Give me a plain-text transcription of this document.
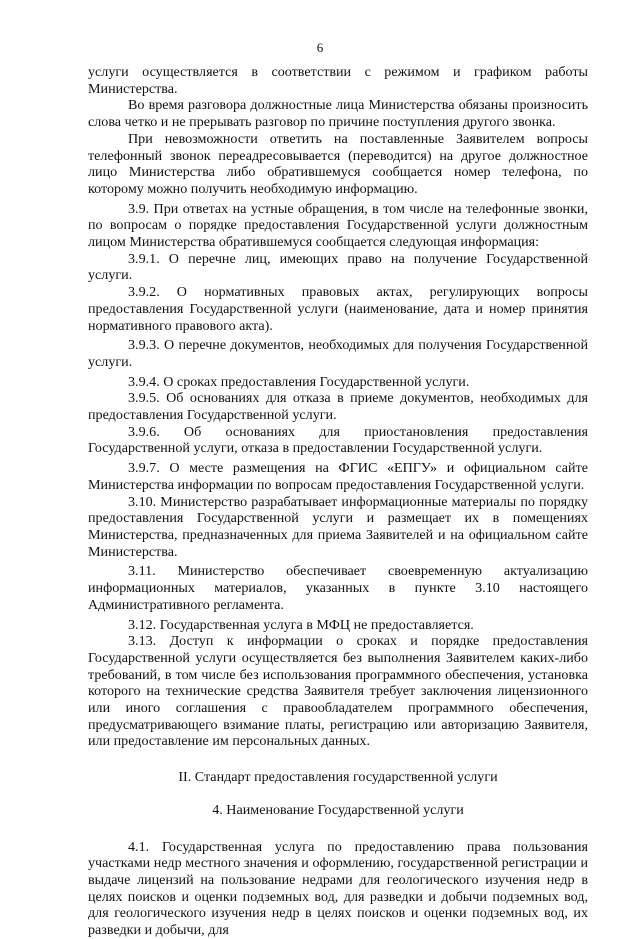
6

услуги осуществляется в соответствии с режимом и графиком работы Министерства.

Во время разговора должностные лица Министерства обязаны произносить слова четко и не прерывать разговор по причине поступления другого звонка.

При невозможности ответить на поставленные Заявителем вопросы телефонный звонок переадресовывается (переводится) на другое должностное лицо Министерства либо обратившемуся сообщается номер телефона, по которому можно получить необходимую информацию.

3.9. При ответах на устные обращения, в том числе на телефонные звонки, по вопросам о порядке предоставления Государственной услуги должностным лицом Министерства обратившемуся сообщается следующая информация:

3.9.1. О перечне лиц, имеющих право на получение Государственной услуги.

3.9.2. О нормативных правовых актах, регулирующих вопросы предоставления Государственной услуги (наименование, дата и номер принятия нормативного правового акта).

3.9.3. О перечне документов, необходимых для получения Государственной услуги.

3.9.4. О сроках предоставления Государственной услуги.

3.9.5. Об основаниях для отказа в приеме документов, необходимых для предоставления Государственной услуги.

3.9.6. Об основаниях для приостановления предоставления Государственной услуги, отказа в предоставлении Государственной услуги.

3.9.7. О месте размещения на ФГИС «ЕПГУ» и официальном сайте Министерства информации по вопросам предоставления Государственной услуги.

3.10. Министерство разрабатывает информационные материалы по порядку предоставления Государственной услуги и размещает их в помещениях Министерства, предназначенных для приема Заявителей и на официальном сайте Министерства.

3.11. Министерство обеспечивает своевременную актуализацию информационных материалов, указанных в пункте 3.10 настоящего Административного регламента.

3.12. Государственная услуга в МФЦ не предоставляется.

3.13. Доступ к информации о сроках и порядке предоставления Государственной услуги осуществляется без выполнения Заявителем каких-либо требований, в том числе без использования программного обеспечения, установка которого на технические средства Заявителя требует заключения лицензионного или иного соглашения с правообладателем программного обеспечения, предусматривающего взимание платы, регистрацию или авторизацию Заявителя, или предоставление им персональных данных.

II. Стандарт предоставления государственной услуги
4. Наименование Государственной услуги

4.1. Государственная услуга по предоставлению права пользования участками недр местного значения и оформлению, государственной регистрации и выдаче лицензий на пользование недрами для геологического изучения недр в целях поисков и оценки подземных вод, для разведки и добычи подземных вод, для геологического изучения недр в целях поисков и оценки подземных вод, их разведки и добычи, для
